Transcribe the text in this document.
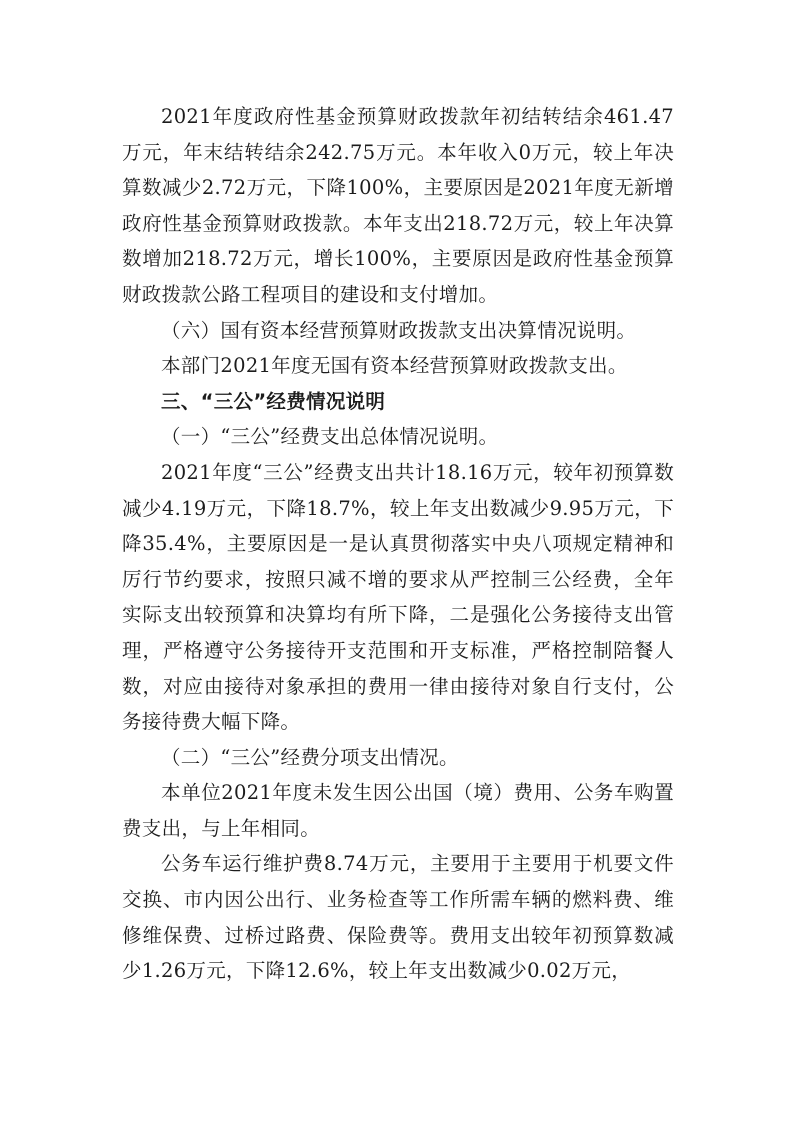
2021年度政府性基金预算财政拨款年初结转结余461.47万元，年末结转结余242.75万元。本年收入0万元，较上年决算数减少2.72万元，下降100%，主要原因是2021年度无新增政府性基金预算财政拨款。本年支出218.72万元，较上年决算数增加218.72万元，增长100%，主要原因是政府性基金预算财政拨款公路工程项目的建设和支付增加。

（六）国有资本经营预算财政拨款支出决算情况说明。

本部门2021年度无国有资本经营预算财政拨款支出。

三、“三公”经费情况说明

（一）“三公”经费支出总体情况说明。

2021年度“三公”经费支出共计18.16万元，较年初预算数减少4.19万元，下降18.7%，较上年支出数减少9.95万元，下降35.4%，主要原因是一是认真贯彻落实中央八项规定精神和厉行节约要求，按照只减不增的要求从严控制三公经费，全年实际支出较预算和决算均有所下降，二是强化公务接待支出管理，严格遵守公务接待开支范围和开支标准，严格控制陪餐人数，对应由接待对象承担的费用一律由接待对象自行支付，公务接待费大幅下降。

（二）“三公”经费分项支出情况。

本单位2021年度未发生因公出国（境）费用、公务车购置费支出，与上年相同。

公务车运行维护费8.74万元，主要用于主要用于机要文件交换、市内因公出行、业务检查等工作所需车辆的燃料费、维修维保费、过桥过路费、保险费等。费用支出较年初预算数减少1.26万元，下降12.6%，较上年支出数减少0.02万元，
